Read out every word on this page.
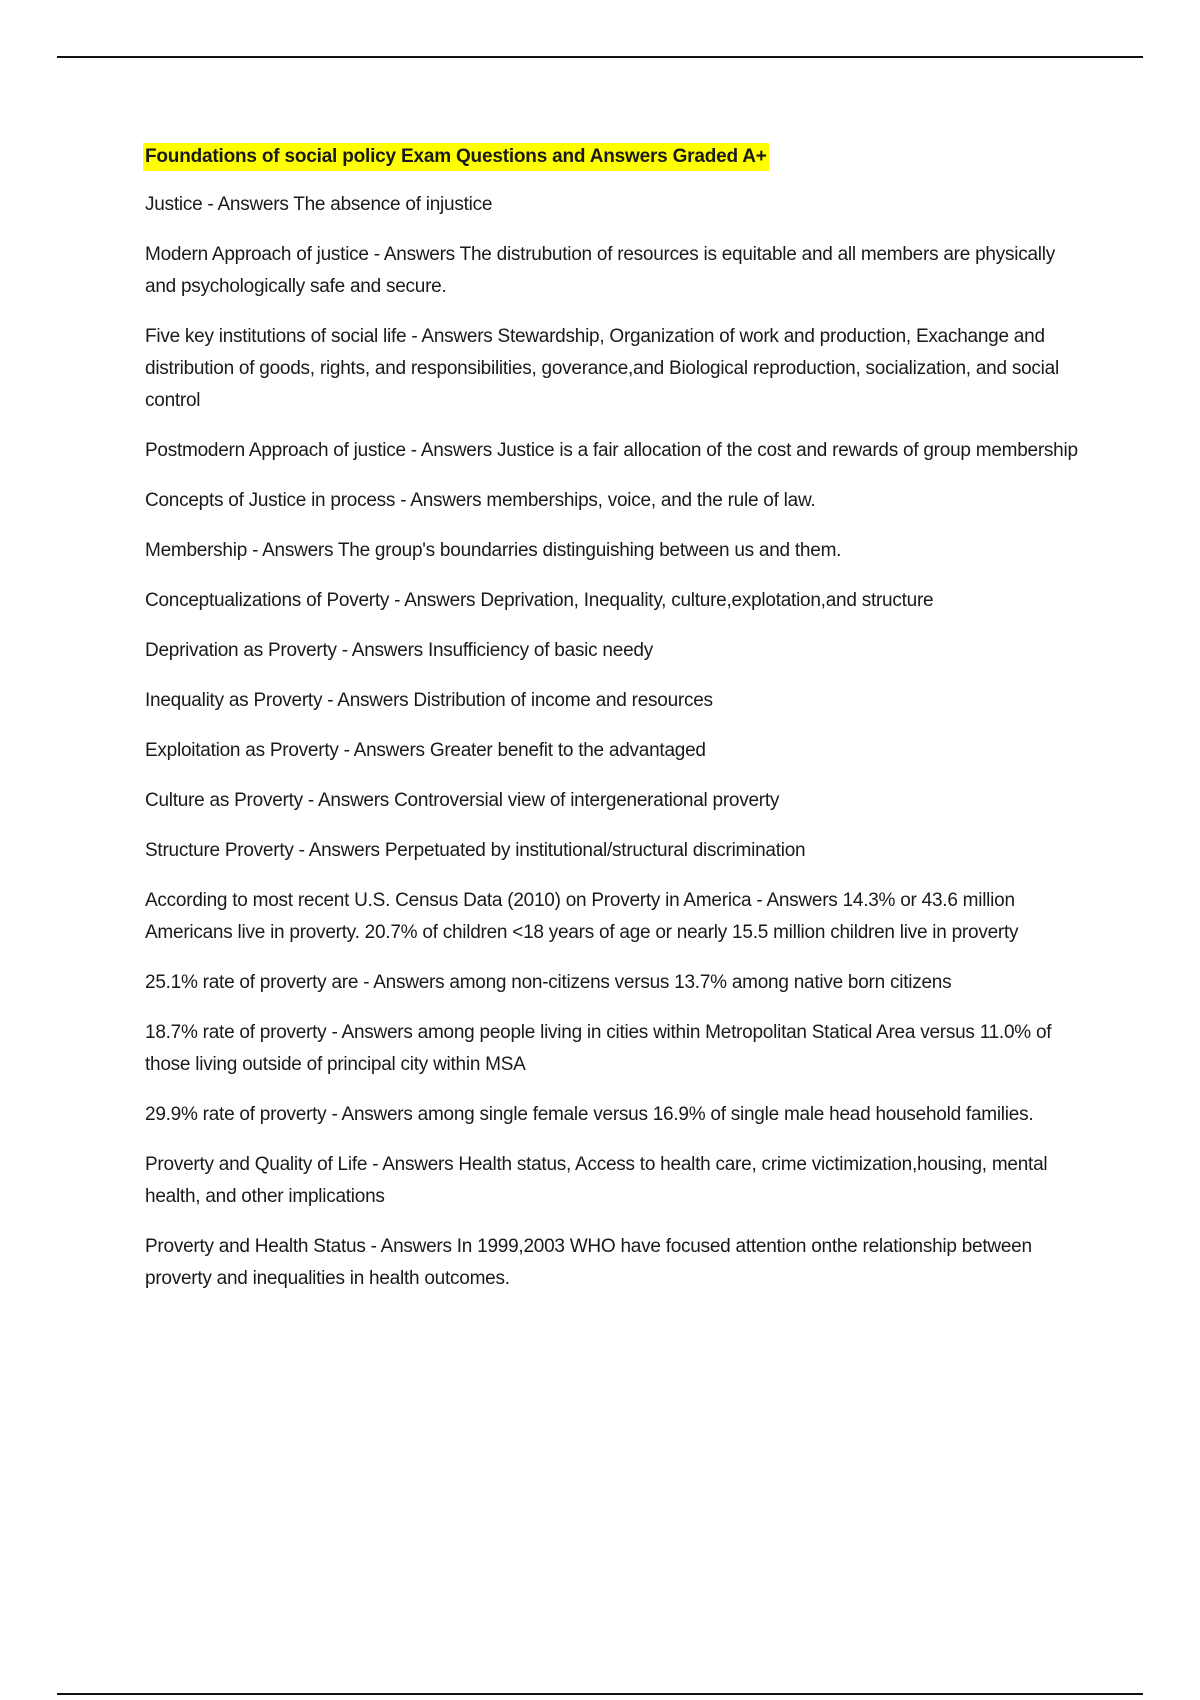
Foundations of social policy Exam Questions and Answers Graded A+

Justice - Answers The absence of injustice

Modern Approach of justice - Answers The distrubution of resources is equitable and all members are physically and psychologically safe and secure.

Five key institutions of social life - Answers Stewardship, Organization of work and production, Exachange and distribution of goods, rights, and responsibilities, goverance,and Biological reproduction, socialization, and social control

Postmodern Approach of justice - Answers Justice is a fair allocation of the cost and rewards of group membership

Concepts of Justice in process - Answers memberships, voice, and the rule of law.

Membership - Answers The group's boundarries distinguishing between us and them.

Conceptualizations of Poverty - Answers Deprivation, Inequality, culture,explotation,and structure

Deprivation as Proverty - Answers Insufficiency of basic needy

Inequality as Proverty - Answers Distribution of income and resources

Exploitation as Proverty - Answers Greater benefit to the advantaged

Culture as Proverty - Answers Controversial view of intergenerational proverty

Structure Proverty - Answers Perpetuated by institutional/structural discrimination

According to most recent U.S. Census Data (2010) on Proverty in America - Answers 14.3% or 43.6 million Americans live in proverty. 20.7% of children <18 years of age or nearly 15.5 million children live in proverty

25.1% rate of proverty are - Answers among non-citizens versus 13.7% among native born citizens

18.7% rate of proverty - Answers among people living in cities within Metropolitan Statical Area versus 11.0% of those living outside of principal city within MSA

29.9% rate of proverty - Answers among single female versus 16.9% of single male head household families.

Proverty and Quality of Life - Answers Health status, Access to health care, crime victimization,housing, mental health, and other implications

Proverty and Health Status - Answers In 1999,2003 WHO have focused attention onthe relationship between proverty and inequalities in health outcomes.
